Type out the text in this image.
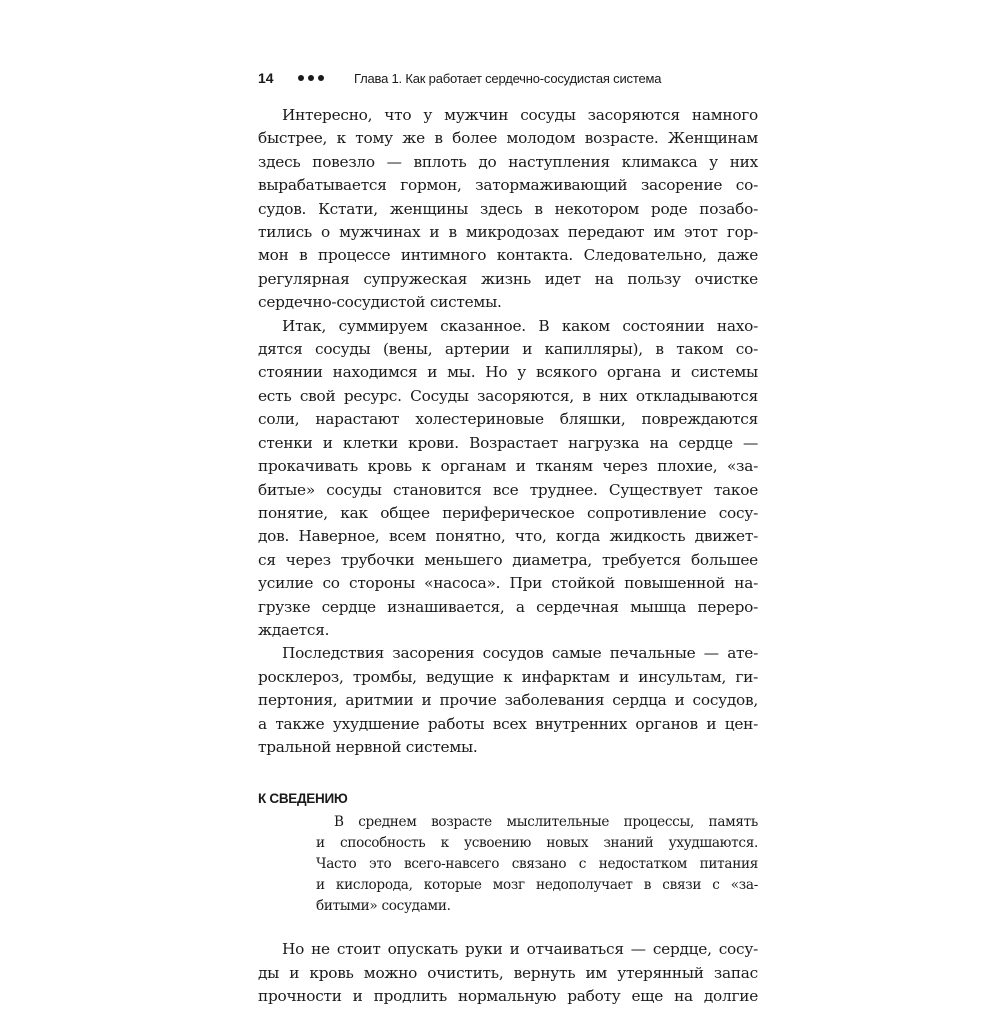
14	Глава 1. Как работает сердечно-сосудистая система
Интересно, что у мужчин сосуды засоряются намного
быстрее, к тому же в более молодом возрасте. Женщинам
здесь повезло — вплоть до наступления климакса у них
вырабатывается гормон, затормаживающий засорение со-
судов. Кстати, женщины здесь в некотором роде позабо-
тились о мужчинах и в микродозах передают им этот гор-
мон в процессе интимного контакта. Следовательно, даже
регулярная супружеская жизнь идет на пользу очистке
сердечно-сосудистой системы.
Итак, суммируем сказанное. В каком состоянии нахо-
дятся сосуды (вены, артерии и капилляры), в таком со-
стоянии находимся и мы. Но у всякого органа и системы
есть свой ресурс. Сосуды засоряются, в них откладываются
соли, нарастают холестериновые бляшки, повреждаются
стенки и клетки крови. Возрастает нагрузка на сердце —
прокачивать кровь к органам и тканям через плохие, «за-
битые» сосуды становится все труднее. Существует такое
понятие, как общее периферическое сопротивление сосу-
дов. Наверное, всем понятно, что, когда жидкость движет-
ся через трубочки меньшего диаметра, требуется большее
усилие со стороны «насоса». При стойкой повышенной на-
грузке сердце изнашивается, а сердечная мышца переро-
ждается.
Последствия засорения сосудов самые печальные — ате-
росклероз, тромбы, ведущие к инфарктам и инсультам, ги-
пертония, аритмии и прочие заболевания сердца и сосудов,
а также ухудшение работы всех внутренних органов и цен-
тральной нервной системы.
К СВЕДЕНИЮ
В среднем возрасте мыслительные процессы, память
и способность к усвоению новых знаний ухудшаются.
Часто это всего-навсего связано с недостатком питания
и кислорода, которые мозг недополучает в связи с «за-
битыми» сосудами.
Но не стоит опускать руки и отчаиваться — сердце, сосу-
ды и кровь можно очистить, вернуть им утерянный запас
прочности и продлить нормальную работу еще на долгие
